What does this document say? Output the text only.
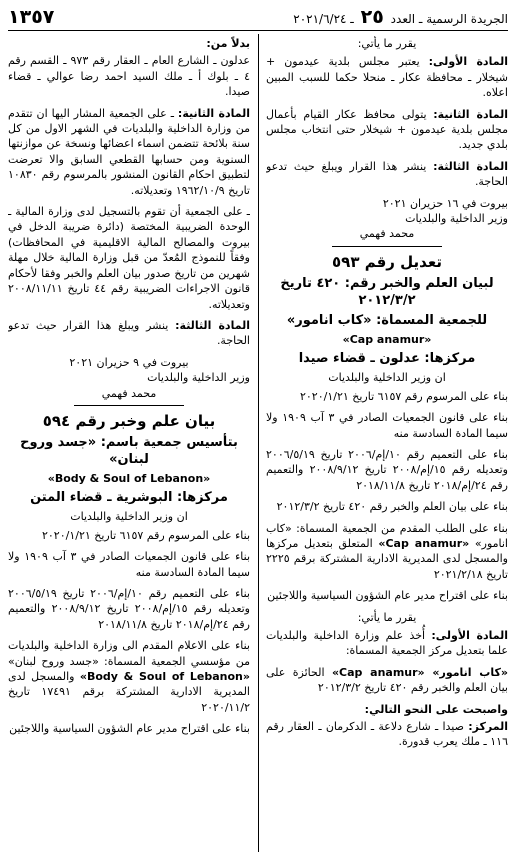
الجريدة الرسمية ـ العدد ٢٥ ـ ٢٠٢١/٦/٢٤
١٣٥٧

يقرر ما يأتي:

المادة الأولى: يعتبر مجلس بلدية عيدمون + شيخلار ـ محافظة عكار ـ منحلا حكما للسبب المبين اعلاه.

المادة الثانية: يتولى محافظ عكار القيام بأعمال مجلس بلدية عيدمون + شيخلار حتى انتخاب مجلس بلدي جديد.

المادة الثالثة: ينشر هذا القرار ويبلغ حيث تدعو الحاجة.

بيروت في ١٦ حزيران ٢٠٢١

وزير الداخلية والبلديات

محمد فهمي

تعديل رقم ٥٩٣

لبيان العلم والخبر رقم: ٤٢٠ تاريخ ٢٠١٢/٣/٢

للجمعية المسماة: «كاب انامور»

«Cap anamur»

مركزها: عدلون ـ قضاء صيدا

ان وزير الداخلية والبلديات

بناء على المرسوم رقم ٦١٥٧ تاريخ ٢٠٢٠/١/٢١

بناء على قانون الجمعيات الصادر في ٣ آب ١٩٠٩ ولا سيما المادة السادسة منه

بناء على التعميم رقم ١٠/إم/٢٠٠٦ تاريخ ٢٠٠٦/٥/١٩ وتعديله رقم ١٥/إم/٢٠٠٨ تاريخ ٢٠٠٨/٩/١٢ والتعميم رقم ٢٤/إم/٢٠١٨ تاريخ ٢٠١٨/١١/٨

بناء على بيان العلم والخبر رقم ٤٢٠ تاريخ ٢٠١٢/٣/٢

بناء على الطلب المقدم من الجمعية المسماة: «كاب انامور» «Cap anamur» المتعلق بتعديل مركزها والمسجل لدى المديرية الادارية المشتركة برقم ٢٢٢٥ تاريخ ٢٠٢١/٢/١٨

بناء على اقتراح مدير عام الشؤون السياسية واللاجئين

يقرر ما يأتي:

المادة الأولى: أُخذ علم وزارة الداخلية والبلديات علما بتعديل مركز الجمعية المسماة:

«كاب انامور» «Cap anamur» الحائزة على بيان العلم والخبر رقم ٤٢٠ تاريخ ٢٠١٢/٣/٢

واصبحت على النحو التالي:

المركز: صيدا ـ شارع دلاعة ـ الدكرمان ـ العقار رقم ١١٦ ـ ملك يعرب قدورة.

بدلاً من:

عدلون ـ الشارع العام ـ العقار رقم ٩٧٣ ـ القسم رقم ٤ ـ بلوك أ ـ ملك السيد احمد رضا عوالي ـ قضاء صيدا.

المادة الثانية: ـ على الجمعية المشار اليها ان تتقدم من وزارة الداخلية والبلديات في الشهر الاول من كل سنة بلائحة تتضمن اسماء اعضائها ونسخة عن موازنتها السنوية ومن حسابها القطعي السابق والا تعرضت لتطبيق احكام القانون المنشور بالمرسوم رقم ١٠٨٣٠ تاريخ ١٩٦٢/١٠/٩ وتعديلاته.

ـ على الجمعية أن تقوم بالتسجيل لدى وزارة المالية ـ الوحدة الضريبية المختصة (دائرة ضريبة الدخل في بيروت والمصالح المالية الاقليمية في المحافظات) وفقاً للنموذج المُعدّ من قبل وزارة المالية خلال مهلة شهرين من تاريخ صدور بيان العلم والخبر وفقا لأحكام قانون الاجراءات الضريبية رقم ٤٤ تاريخ ٢٠٠٨/١١/١١ وتعديلاته.

المادة الثالثة: ينشر ويبلغ هذا القرار حيث تدعو الحاجة.

بيروت في ٩ حزيران ٢٠٢١

وزير الداخلية والبلديات

محمد فهمي

بيان علم وخبر رقم ٥٩٤

بتأسيس جمعية باسم: «جسد وروح لبنان»

«Body & Soul of Lebanon»

مركزها: البوشرية ـ قضاء المتن

ان وزير الداخلية والبلديات

بناء على المرسوم رقم ٦١٥٧ تاريخ ٢٠٢٠/١/٢١

بناء على قانون الجمعيات الصادر في ٣ آب ١٩٠٩ ولا سيما المادة السادسة منه

بناء على التعميم رقم ١٠/إم/٢٠٠٦ تاريخ ٢٠٠٦/٥/١٩ وتعديله رقم ١٥/إم/٢٠٠٨ تاريخ ٢٠٠٨/٩/١٢ والتعميم رقم ٢٤/إم/٢٠١٨ تاريخ ٢٠١٨/١١/٨

بناء على الاعلام المقدم الى وزارة الداخلية والبلديات من مؤسسي الجمعية المسماة: «جسد وروح لبنان» «Body & Soul of Lebanon» والمسجل لدى المديرية الادارية المشتركة برقم ١٧٤٩١ تاريخ ٢٠٢٠/١١/٢

بناء على اقتراح مدير عام الشؤون السياسية واللاجئين
